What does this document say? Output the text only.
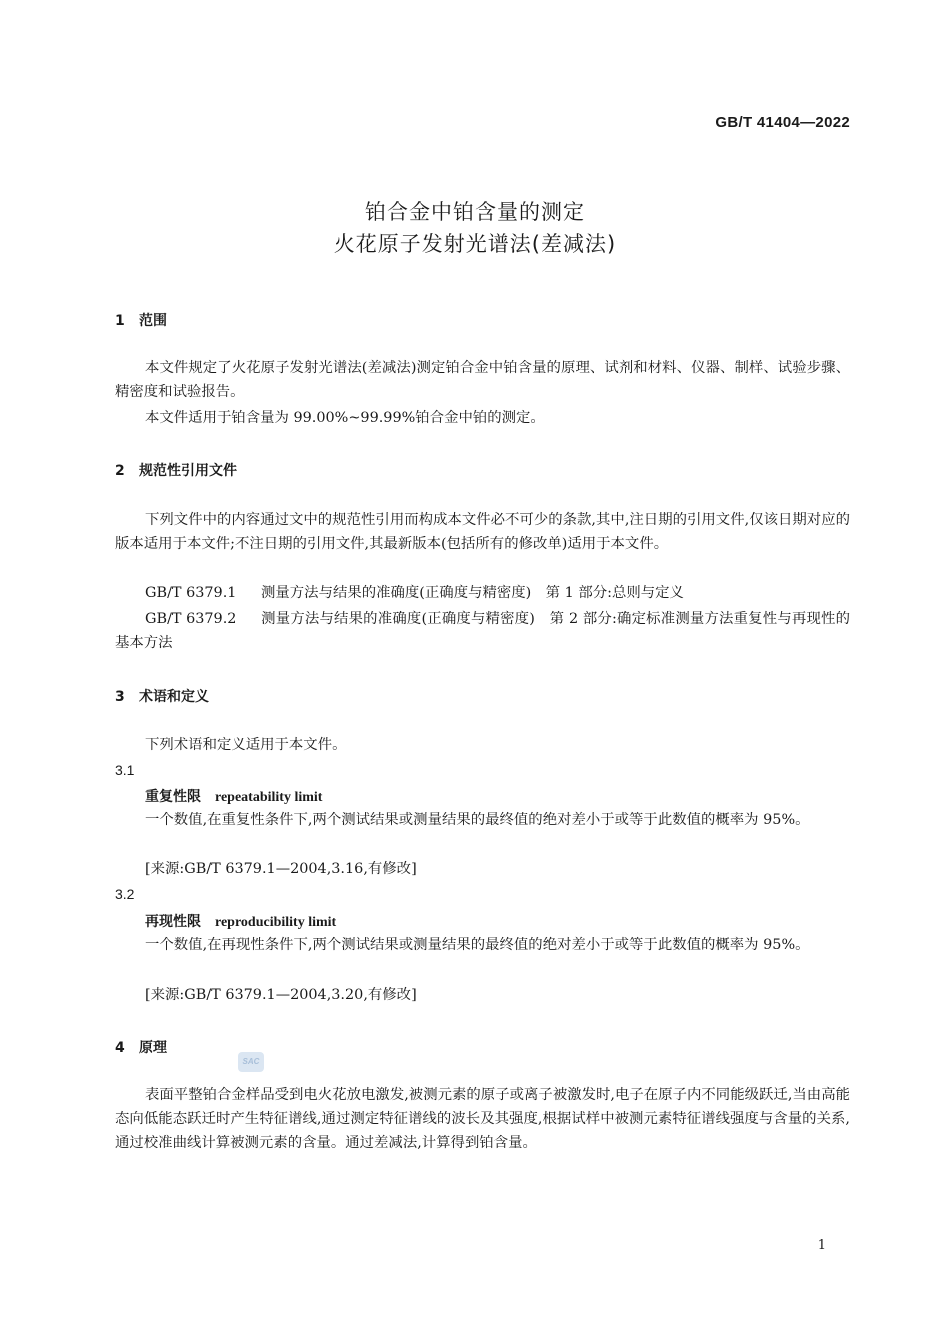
GB/T 41404—2022
铂合金中铂含量的测定
火花原子发射光谱法(差减法)
1 范围
本文件规定了火花原子发射光谱法(差减法)测定铂合金中铂含量的原理、试剂和材料、仪器、制样、试验步骤、精密度和试验报告。
本文件适用于铂含量为 99.00%~99.99%铂合金中铂的测定。
2 规范性引用文件
下列文件中的内容通过文中的规范性引用而构成本文件必不可少的条款,其中,注日期的引用文件,仅该日期对应的版本适用于本文件;不注日期的引用文件,其最新版本(包括所有的修改单)适用于本文件。
GB/T 6379.1 测量方法与结果的准确度(正确度与精密度)　第 1 部分:总则与定义
GB/T 6379.2 测量方法与结果的准确度(正确度与精密度)　第 2 部分:确定标准测量方法重复性与再现性的基本方法
3 术语和定义
下列术语和定义适用于本文件。
3.1
重复性限 repeatability limit
一个数值,在重复性条件下,两个测试结果或测量结果的最终值的绝对差小于或等于此数值的概率为 95%。
[来源:GB/T 6379.1—2004,3.16,有修改]
3.2
再现性限 reproducibility limit
一个数值,在再现性条件下,两个测试结果或测量结果的最终值的绝对差小于或等于此数值的概率为 95%。
[来源:GB/T 6379.1—2004,3.20,有修改]
4 原理
SAC
表面平整铂合金样品受到电火花放电激发,被测元素的原子或离子被激发时,电子在原子内不同能级跃迁,当由高能态向低能态跃迁时产生特征谱线,通过测定特征谱线的波长及其强度,根据试样中被测元素特征谱线强度与含量的关系,通过校准曲线计算被测元素的含量。通过差减法,计算得到铂含量。
1
